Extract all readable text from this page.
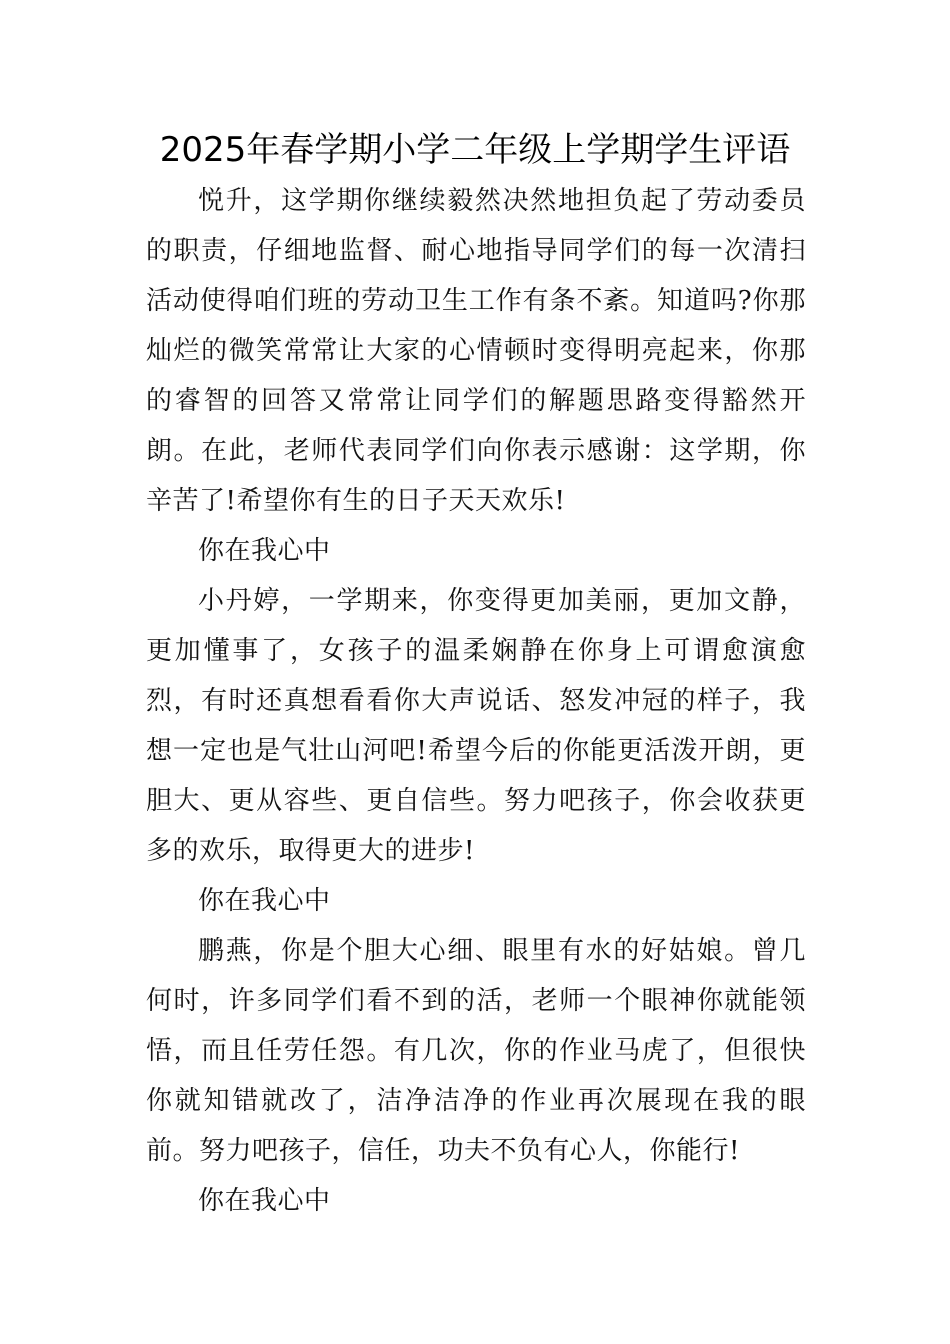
2025年春学期小学二年级上学期学生评语

悦升，这学期你继续毅然决然地担负起了劳动委员的职责，仔细地监督、耐心地指导同学们的每一次清扫活动使得咱们班的劳动卫生工作有条不紊。知道吗?你那灿烂的微笑常常让大家的心情顿时变得明亮起来，你那的睿智的回答又常常让同学们的解题思路变得豁然开朗。在此，老师代表同学们向你表示感谢：这学期，你辛苦了!希望你有生的日子天天欢乐!

你在我心中

小丹婷，一学期来，你变得更加美丽，更加文静，更加懂事了，女孩子的温柔娴静在你身上可谓愈演愈烈，有时还真想看看你大声说话、怒发冲冠的样子，我想一定也是气壮山河吧!希望今后的你能更活泼开朗，更胆大、更从容些、更自信些。努力吧孩子，你会收获更多的欢乐，取得更大的进步!

你在我心中

鹏燕，你是个胆大心细、眼里有水的好姑娘。曾几何时，许多同学们看不到的活，老师一个眼神你就能领悟，而且任劳任怨。有几次，你的作业马虎了，但很快你就知错就改了，洁净洁净的作业再次展现在我的眼前。努力吧孩子，信任，功夫不负有心人，你能行!

你在我心中
